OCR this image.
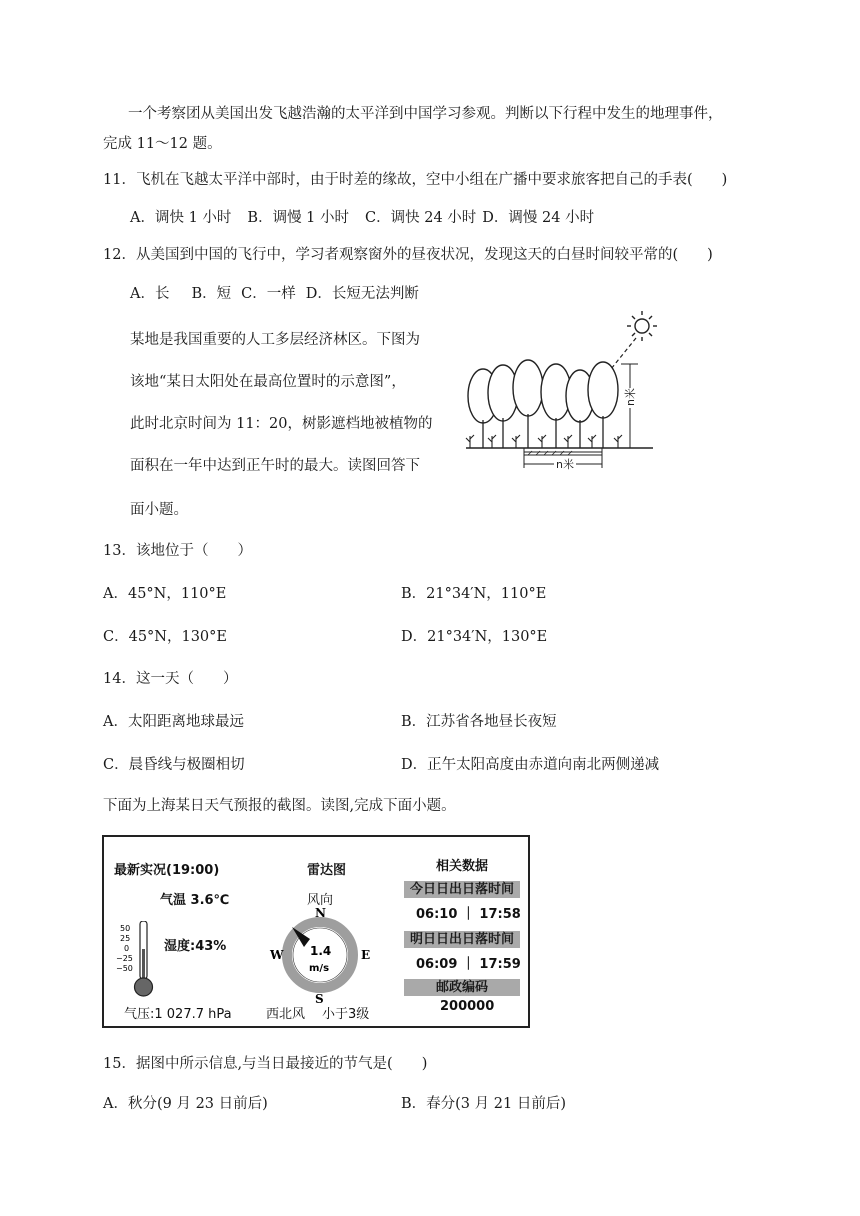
一个考察团从美国出发飞越浩瀚的太平洋到中国学习参观。判断以下行程中发生的地理事件，
完成 11～12 题。
11．飞机在飞越太平洋中部时，由于时差的缘故，空中小组在广播中要求旅客把自己的手表(　　)
A．调快 1 小时 B．调慢 1 小时 C．调快 24 小时 D．调慢 24 小时
12．从美国到中国的飞行中，学习者观察窗外的昼夜状况，发现这天的白昼时间较平常的(　　)
A．长 B．短 C．一样 D．长短无法判断
某地是我国重要的人工多层经济林区。下图为
该地“某日太阳处在最高位置时的示意图”，
此时北京时间为 11：20，树影遮档地被植物的
面积在一年中达到正午时的最大。读图回答下
面小题。
n米
n米
13．该地位于（　　）
A．45°N，110°E	B．21°34′N，110°E
C．45°N，130°E	D．21°34′N，130°E
14．这一天（　　）
A．太阳距离地球最远	B．江苏省各地昼长夜短
C．晨昏线与极圈相切	D．正午太阳高度由赤道向南北两侧递减
下面为上海某日天气预报的截图。读图,完成下面小题。
最新实况(19:00)
气温 3.6℃
湿度:43%
气压:1 027.7 hPa
50
25
0
−25
−50
雷达图
风向
N
S
W	E
1.4
m/s
西北风 小于3级
相关数据
今日日出日落时间
06:10 ｜ 17:58
明日日出日落时间
06:09 ｜ 17:59
邮政编码
200000
15．据图中所示信息,与当日最接近的节气是(　　)
A．秋分(9 月 23 日前后)	B．春分(3 月 21 日前后)
